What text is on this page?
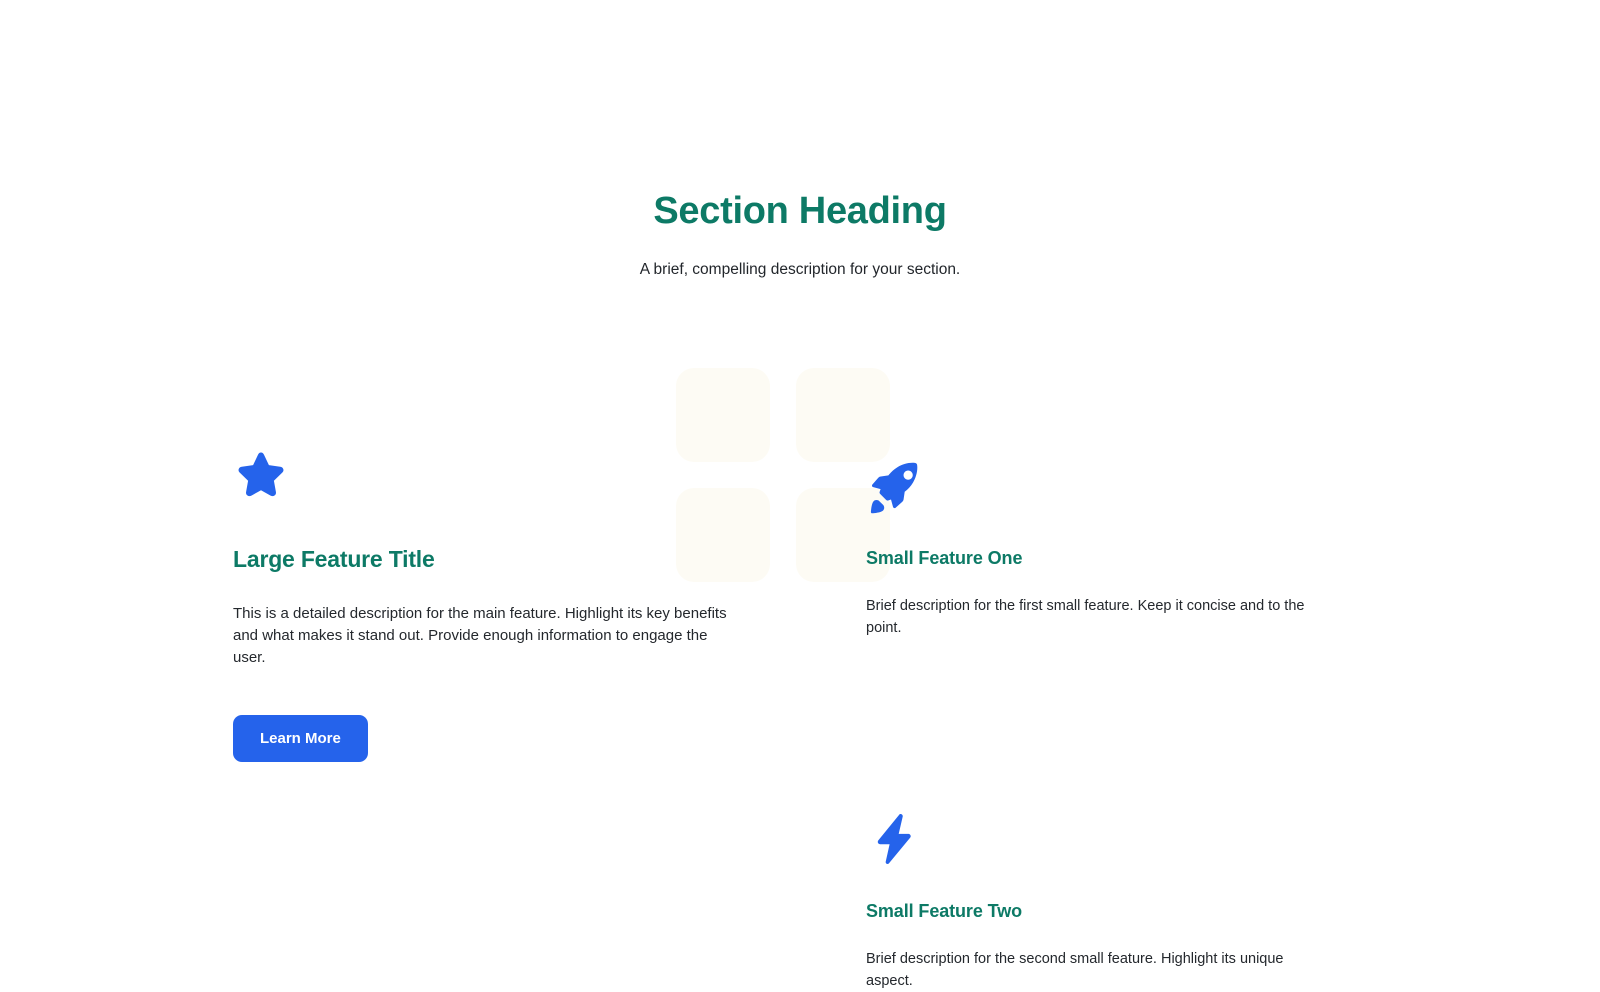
Section Heading

A brief, compelling description for your section.

Large Feature Title

This is a detailed description for the main feature. Highlight its key benefits and what makes it stand out. Provide enough information to engage the user.

Learn More
Small Feature One

Brief description for the first small feature. Keep it concise and to the point.

Small Feature Two

Brief description for the second small feature. Highlight its unique aspect.
